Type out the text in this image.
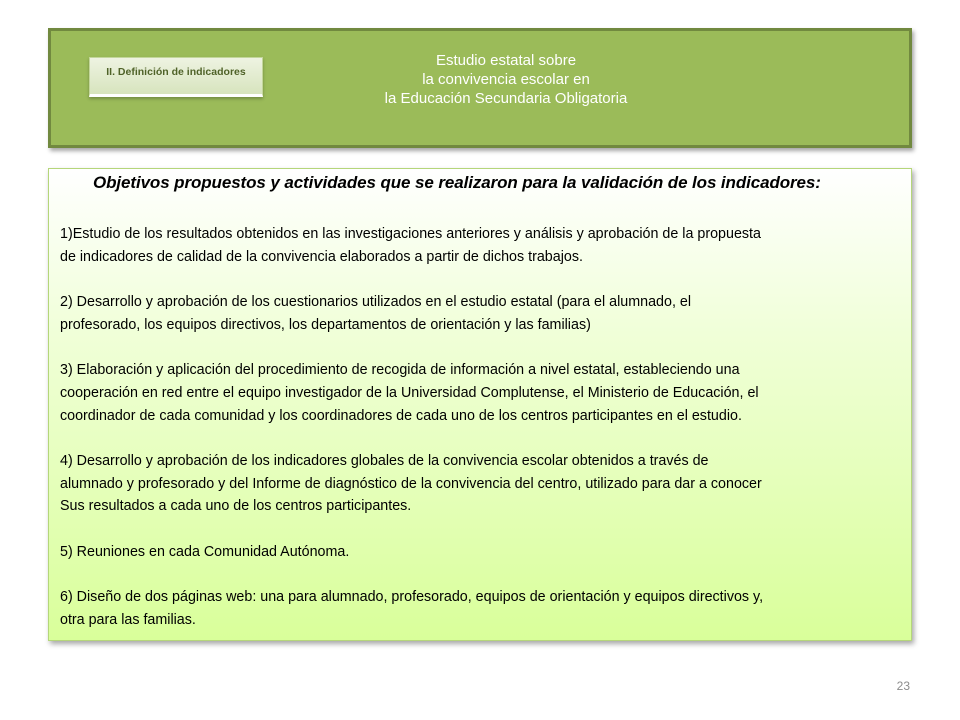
II. Definición de indicadores
Estudio estatal sobre
la convivencia escolar en
la Educación Secundaria Obligatoria
Objetivos propuestos y actividades que se realizaron para la validación de los indicadores:
1)Estudio de los resultados obtenidos en las investigaciones anteriores y análisis y aprobación de la propuesta
de indicadores de calidad de la convivencia elaborados a partir de dichos trabajos.
2) Desarrollo y aprobación de los cuestionarios utilizados en el estudio estatal (para el alumnado, el
profesorado, los equipos directivos, los departamentos de orientación y las familias)
3) Elaboración y aplicación del procedimiento de recogida de información a nivel estatal, estableciendo una
cooperación en red entre el equipo investigador de la Universidad Complutense, el Ministerio de Educación, el
coordinador de cada comunidad y los coordinadores de cada uno de los centros participantes en el estudio.
4) Desarrollo y aprobación de los indicadores globales de la convivencia escolar obtenidos a través de
alumnado y profesorado y del Informe de diagnóstico de la convivencia del centro, utilizado para dar a conocer
Sus resultados a cada uno de los centros participantes.
5) Reuniones en cada Comunidad Autónoma.
6) Diseño de dos páginas web: una para alumnado, profesorado, equipos de orientación y equipos directivos y,
otra para las familias.
23
